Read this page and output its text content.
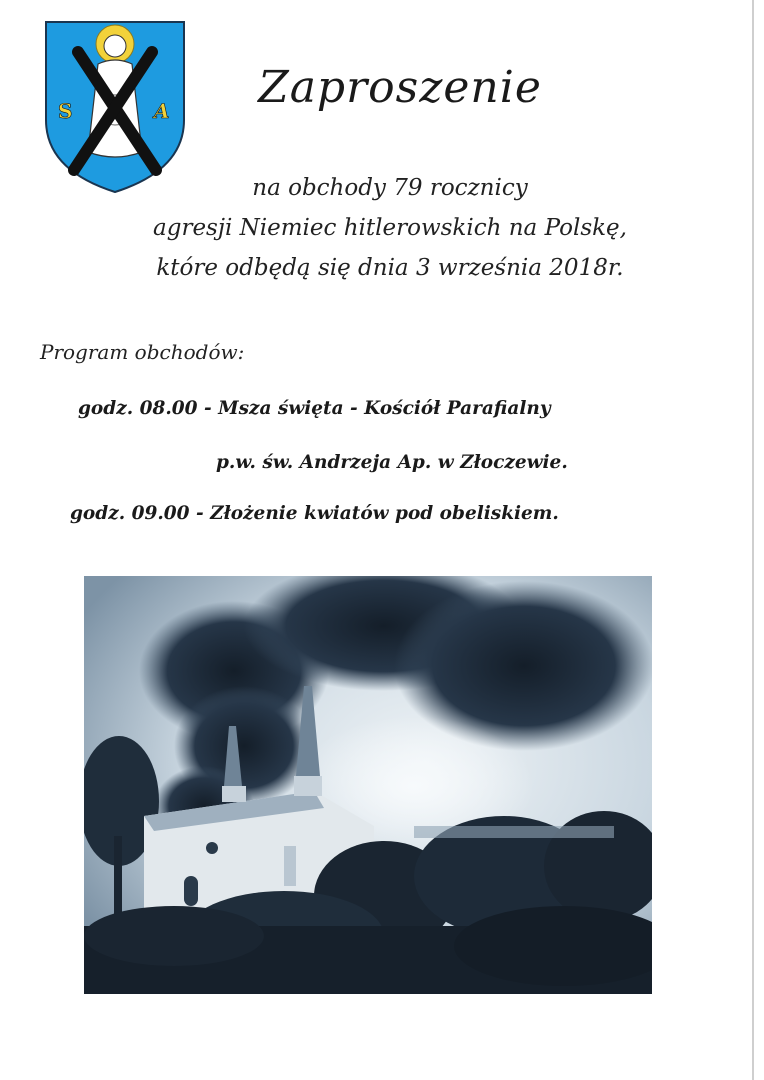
S	A	Zaproszenie
na obchody 79 rocznicy
agresji Niemiec hitlerowskich na Polskę,
które odbędą się dnia 3 września 2018r.
Program obchodów:
godz. 08.00 - Msza święta - Kościół Parafialny
p.w. św. Andrzeja Ap. w Złoczewie.
godz. 09.00 - Złożenie kwiatów pod obeliskiem.
